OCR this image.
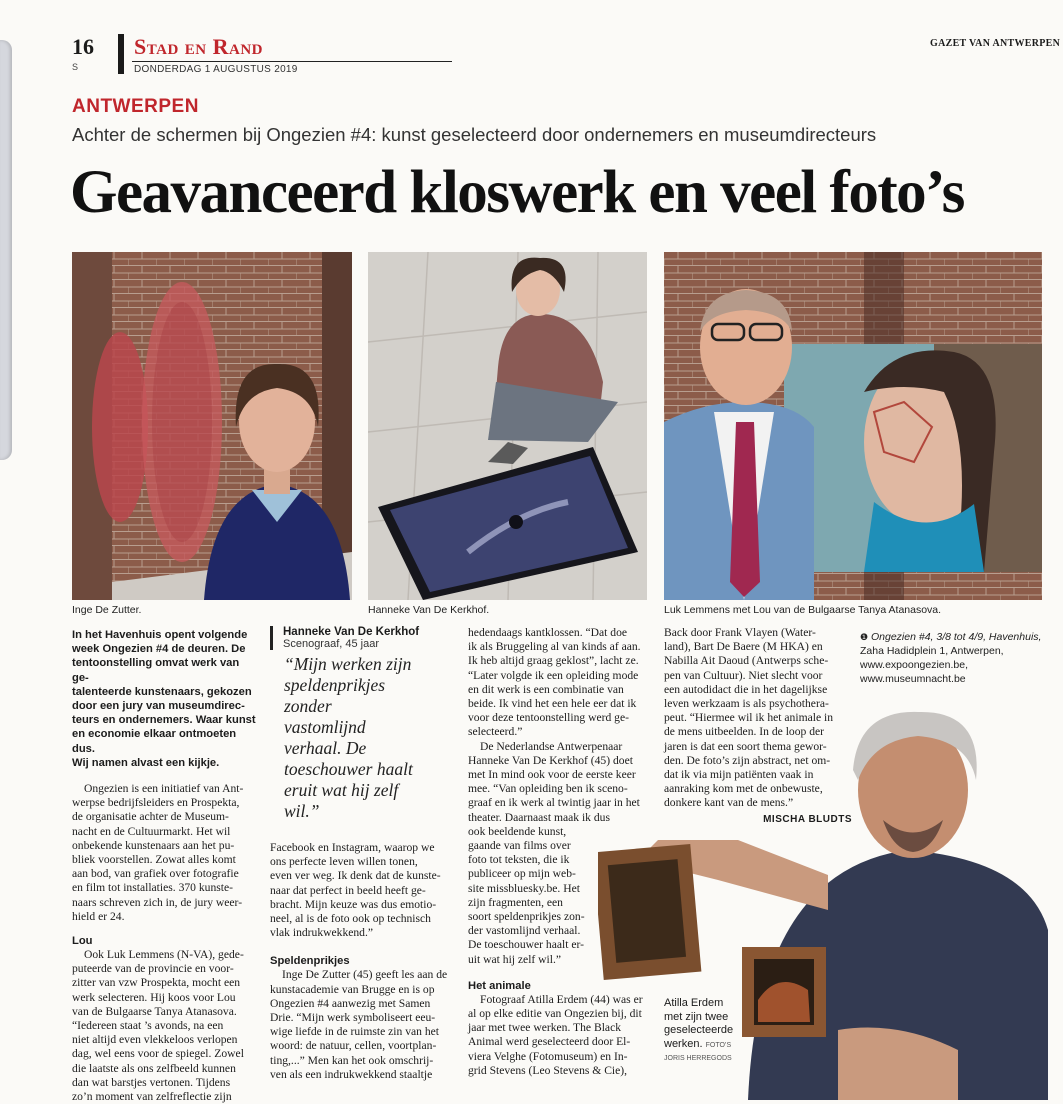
16
S
Stad en Rand
DONDERDAG 1 AUGUSTUS 2019
GAZET VAN ANTWERPEN
ANTWERPEN
Achter de schermen bij Ongezien #4: kunst geselecteerd door ondernemers en museumdirecteurs
Geavanceerd kloswerk en veel foto’s
Inge De Zutter.	Hanneke Van De Kerkhof.	Luk Lemmens met Lou van de Bulgaarse Tanya Atanasova.
Atilla Erdem
met zijn twee
geselecteerde
werken. FOTO’S
JORIS HERREGODS

In het Havenhuis opent volgende

week Ongezien #4 de deuren. De

tentoonstelling omvat werk van ge-

talenteerde kunstenaars, gekozen

door een jury van museumdirec-

teurs en ondernemers. Waar kunst

en economie elkaar ontmoeten dus.

Wij namen alvast een kijkje.

Ongezien is een initiatief van Ant-

werpse bedrijfsleiders en Prospekta,

de organisatie achter de Museum-

nacht en de Cultuurmarkt. Het wil

onbekende kunstenaars aan het pu-

bliek voorstellen. Zowat alles komt

aan bod, van grafiek over fotografie

en film tot installaties. 370 kunste-

naars schreven zich in, de jury weer-

hield er 24.

Lou

Ook Luk Lemmens (N-VA), gede-

puteerde van de provincie en voor-

zitter van vzw Prospekta, mocht een

werk selecteren. Hij koos voor Lou

van de Bulgaarse Tanya Atanasova.

“Iedereen staat ’s avonds, na een

niet altijd even vlekkeloos verlopen

dag, wel eens voor de spiegel. Zowel

die laatste als ons zelfbeeld kunnen

dan wat barstjes vertonen. Tijdens

zo’n moment van zelfreflectie zijn

Hanneke Van De Kerkhof
Scenograaf, 45 jaar
“Mijn werken zijn
speldenprikjes
zonder
vastomlijnd
verhaal. De
toeschouwer haalt
eruit wat hij zelf
wil.”

Facebook en Instagram, waarop we

ons perfecte leven willen tonen,

even ver weg. Ik denk dat de kunste-

naar dat perfect in beeld heeft ge-

bracht. Mijn keuze was dus emotio-

neel, al is de foto ook op technisch

vlak indrukwekkend.”

Speldenprikjes

Inge De Zutter (45) geeft les aan de

kunstacademie van Brugge en is op

Ongezien #4 aanwezig met Samen

Drie. “Mijn werk symboliseert eeu-

wige liefde in de ruimste zin van het

woord: de natuur, cellen, voortplan-

ting,...” Men kan het ook omschrij-

ven als een indrukwekkend staaltje

hedendaags kantklossen. “Dat doe

ik als Bruggeling al van kinds af aan.

Ik heb altijd graag geklost”, lacht ze.

“Later volgde ik een opleiding mode

en dit werk is een combinatie van

beide. Ik vind het een hele eer dat ik

voor deze tentoonstelling werd ge-

selecteerd.”

De Nederlandse Antwerpenaar

Hanneke Van De Kerkhof (45) doet

met In mind ook voor de eerste keer

mee. “Van opleiding ben ik sceno-

graaf en ik werk al twintig jaar in het

theater. Daarnaast maak ik dus

ook beeldende kunst,

gaande van films over

foto tot teksten, die ik

publiceer op mijn web-

site missbluesky.be. Het

zijn fragmenten, een

soort speldenprikjes zon-

der vastomlijnd verhaal.

De toeschouwer haalt er-

uit wat hij zelf wil.”

Het animale

Fotograaf Atilla Erdem (44) was er

al op elke editie van Ongezien bij, dit

jaar met twee werken. The Black

Animal werd geselecteerd door El-

viera Velghe (Fotomuseum) en In-

grid Stevens (Leo Stevens & Cie),

Back door Frank Vlayen (Water-

land), Bart De Baere (M HKA) en

Nabilla Ait Daoud (Antwerps sche-

pen van Cultuur). Niet slecht voor

een autodidact die in het dagelijkse

leven werkzaam is als psychothera-

peut. “Hiermee wil ik het animale in

de mens uitbeelden. In de loop der

jaren is dat een soort thema gewor-

den. De foto’s zijn abstract, net om-

dat ik via mijn patiënten vaak in

aanraking kom met de onbewuste,

donkere kant van de mens.”

MISCHA BLUDTS
❶ Ongezien #4, 3/8 tot 4/9, Havenhuis,
Zaha Hadidplein 1, Antwerpen,
www.expoongezien.be,
www.museumnacht.be
